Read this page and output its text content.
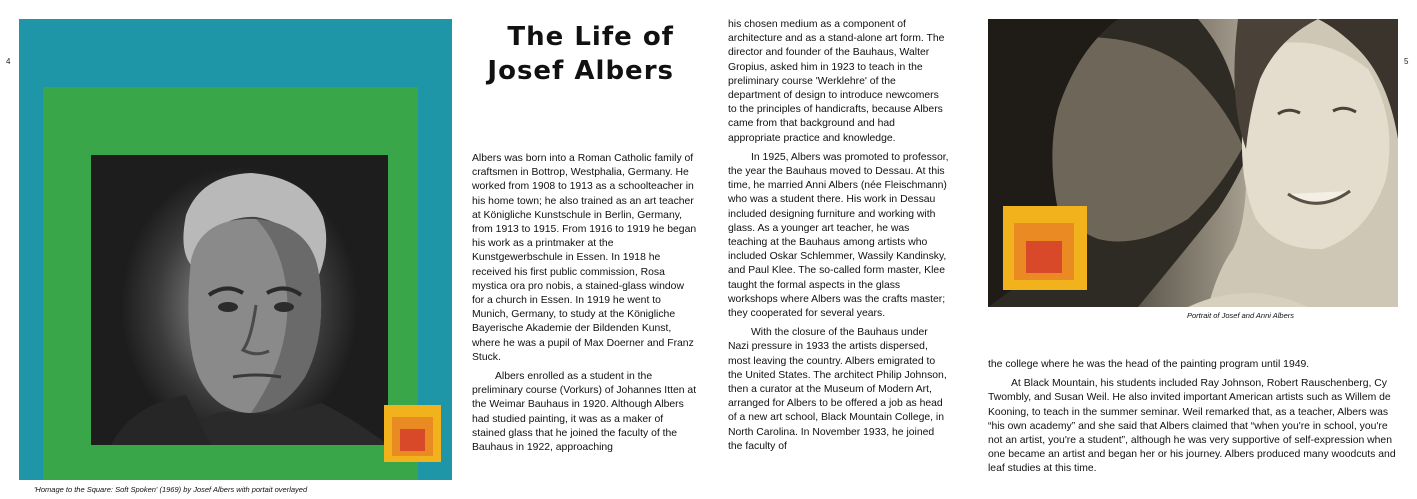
4	5
'Homage to the Square: Soft Spoken' (1969) by Josef Albers with portait overlayed
The Life of
Josef Albers

Albers was born into a Roman Catholic family of craftsmen in Bottrop, Westphalia, Germany. He worked from 1908 to 1913 as a schoolteacher in his home town; he also trained as an art teacher at Königliche Kunstschule in Berlin, Germany, from 1913 to 1915. From 1916 to 1919 he began his work as a printmaker at the Kunstgewerbschule in Essen. In 1918 he received his first public commission, Rosa mystica ora pro nobis, a stained-glass window for a church in Essen. In 1919 he went to Munich, Germany, to study at the Königliche Bayerische Akademie der Bildenden Kunst, where he was a pupil of Max Doerner and Franz Stuck.

Albers enrolled as a student in the preliminary course (Vorkurs) of Johannes Itten at the Weimar Bauhaus in 1920. Although Albers had studied painting, it was as a maker of stained glass that he joined the faculty of the Bauhaus in 1922, approaching

his chosen medium as a component of architecture and as a stand-alone art form. The director and founder of the Bauhaus, Walter Gropius, asked him in 1923 to teach in the preliminary course 'Werklehre' of the department of design to introduce newcomers to the principles of handicrafts, because Albers came from that background and had appropriate practice and knowledge.

In 1925, Albers was promoted to professor, the year the Bauhaus moved to Dessau. At this time, he married Anni Albers (née Fleischmann) who was a student there. His work in Dessau included designing furniture and working with glass. As a younger art teacher, he was teaching at the Bauhaus among artists who included Oskar Schlemmer, Wassily Kandinsky, and Paul Klee. The so-called form master, Klee taught the formal aspects in the glass workshops where Albers was the crafts master; they cooperated for several years.

With the closure of the Bauhaus under Nazi pressure in 1933 the artists dispersed, most leaving the country. Albers emigrated to the United States. The architect Philip Johnson, then a curator at the Museum of Modern Art, arranged for Albers to be offered a job as head of a new art school, Black Mountain College, in North Carolina. In November 1933, he joined the faculty of

Portrait of Josef and Anni Albers

the college where he was the head of the painting program until 1949.

At Black Mountain, his students included Ray Johnson, Robert Rauschenberg, Cy Twombly, and Susan Weil. He also invited important American artists such as Willem de Kooning, to teach in the summer seminar. Weil remarked that, as a teacher, Albers was “his own academy” and she said that Albers claimed that “when you're in school, you're not an artist, you're a student”, although he was very supportive of self-expression when one became an artist and began her or his journey. Albers produced many woodcuts and leaf studies at this time.
